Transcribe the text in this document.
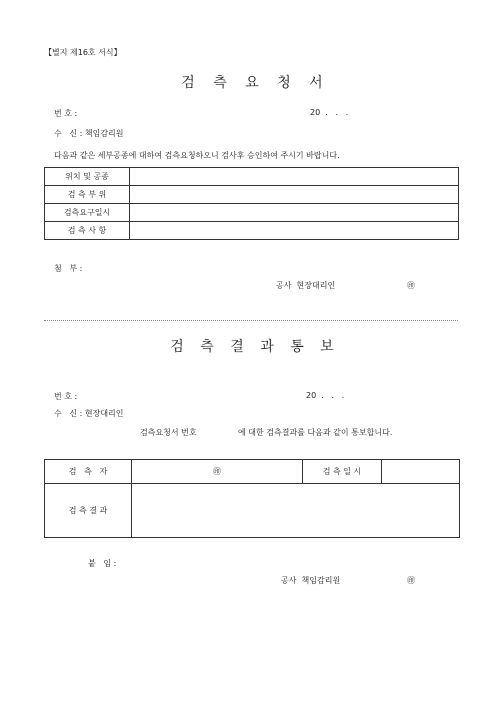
【별지 제16호 서식】
검 측 요 청 서
번 호 :	20  .   .   .
수   신 : 책임감리원
다음과 같은 세부공종에 대하여 검측요청하오니 검사후 승인하여 주시기 바랍니다.
위치 및 공종	
검 측 부 위	
검측요구일시	
검 측 사 항	
첨   부 :
공사  현장대리인	㊞
검 측 결 과 통 보
번 호 :	20  .   .   .
수   신 : 현장대리인
검측요청서 번호	에 대한 검측결과를 다음과 같이 통보합니다.
검   측   자	㊞	검 측 일 시	
검 측 결 과			
붙   임 :
공사  책임감리원	㊞
